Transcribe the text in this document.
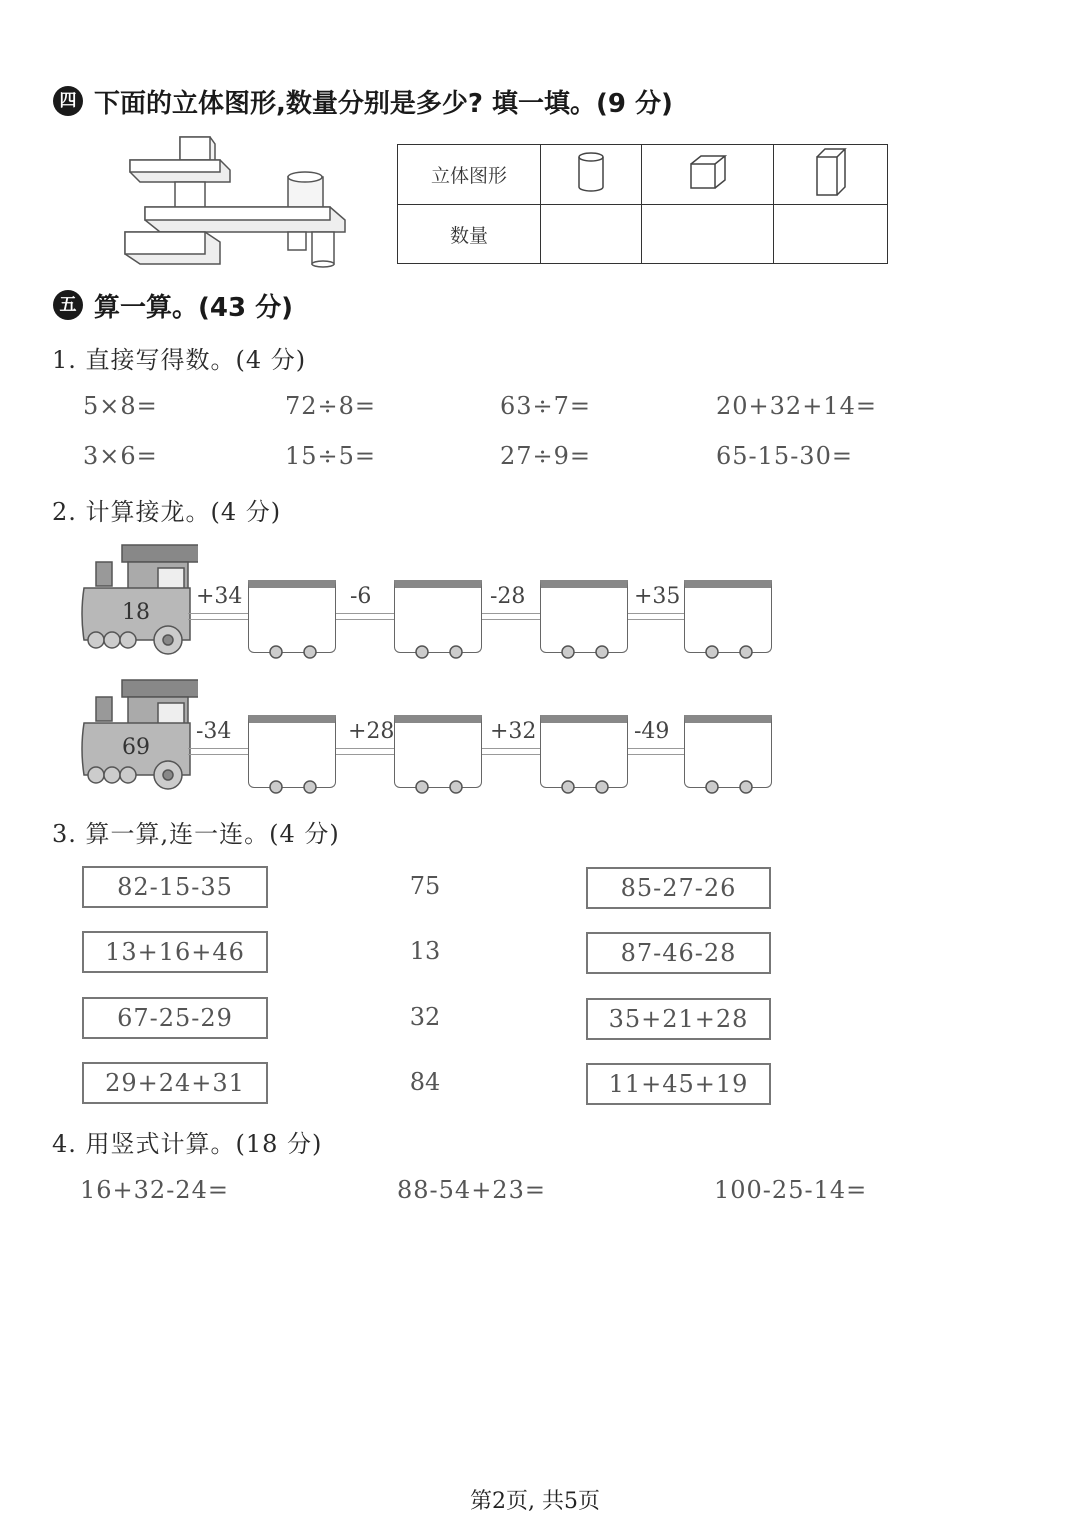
四 下面的立体图形,数量分别是多少? 填一填。(9 分)
立体图形			
数量			
五 算一算。(43 分)
1. 直接写得数。(4 分)
5×8=	72÷8=	63÷7=	20+32+14=
3×6=	15÷5=	27÷9=	65-15-30=
2. 计算接龙。(4 分)
18
+34	-6	-28	+35
69
-34	+28	+32	-49
3. 算一算,连一连。(4 分)
82-15-35
13+16+46
67-25-29
29+24+31
75
13
32
84
85-27-26
87-46-28
35+21+28
11+45+19
4. 用竖式计算。(18 分)
16+32-24=	88-54+23=	100-25-14=
第2页, 共5页
